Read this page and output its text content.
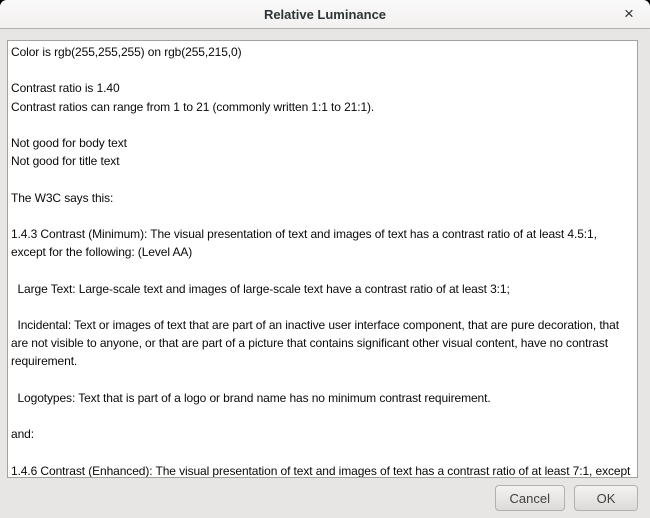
Relative Luminance	×
Color is rgb(255,255,255) on rgb(255,215,0)
Contrast ratio is 1.40
Contrast ratios can range from 1 to 21 (commonly written 1:1 to 21:1).
Not good for body text
Not good for title text
The W3C says this:
1.4.3 Contrast (Minimum): The visual presentation of text and images of text has a contrast ratio of at least 4.5:1,
except for the following: (Level AA)
Large Text: Large-scale text and images of large-scale text have a contrast ratio of at least 3:1;
Incidental: Text or images of text that are part of an inactive user interface component, that are pure decoration, that
are not visible to anyone, or that are part of a picture that contains significant other visual content, have no contrast
requirement.
Logotypes: Text that is part of a logo or brand name has no minimum contrast requirement.
and:
1.4.6 Contrast (Enhanced): The visual presentation of text and images of text has a contrast ratio of at least 7:1, except
Cancel	OK
